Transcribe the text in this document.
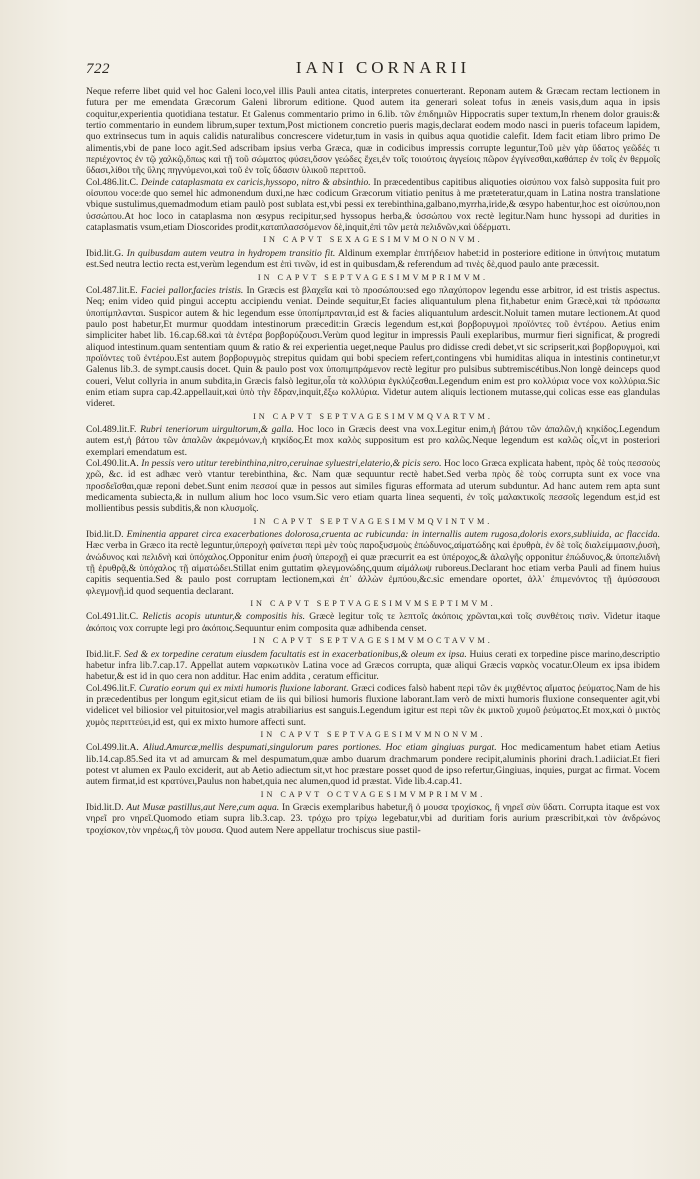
722	IANI CORNARII

Neque referre libet quid vel hoc Galeni loco,vel illis Pauli antea citatis, interpretes conuerterant. Reponam autem & Græcam rectam lectionem in futura per me emendata Græcorum Galeni librorum editione. Quod autem ita generari soleat tofus in æneis vasis,dum aqua in ipsis coquitur,experientia quotidiana testatur. Et Galenus commentario primo in 6.lib. τῶν ἐπιδημιῶν Hippocratis super textum,In rhenem dolor grauis:& tertio commentario in eundem librum,super textum,Post mictionem concretio pueris magis,declarat eodem modo nasci in pueris tofaceum lapidem, quo extrinsecus tum in aquis calidis naturalibus concrescere videtur,tum in vasis in quibus aqua quotidie calefit. Idem facit etiam libro primo De alimentis,vbi de pane loco agit.Sed adscribam ipsius verba Græca, quæ in codicibus impressis corrupte leguntur,Τοῦ μὲν γὰρ ὕδατος γεῶδές τι περιέχοντος ἐν τῷ χαλκῷ,ὅπως καὶ τῇ τοῦ σώματος φύσει,ὅσον γεώδες ἔχει,ἐν τοῖς τοιούτοις ἀγγείοις πῶρον ἐγγίνεσθαι,καθάπερ ἐν τοῖς ἐν θερμοῖς ὕδασι,λίθοι τῆς ὕλης πηγνύμενοι,καὶ τοῦ ἐν τοῖς ὕδασιν ὑλικοῦ περιττοῦ.

Col.486.lit.C. Deinde cataplasmata ex caricis,hyssopo, nitro & absinthio. In præcedentibus capitibus aliquoties οἰσύπου vox falsò supposita fuit pro οἰσυπου voce:de quo semel hic admonendum duxi,ne hæc codicum Græcorum vitiatio penitus à me præteteratur,quam in Latina nostra translatione vbique sustulimus,quemadmodum etiam paulò post sublata est,vbi pessi ex terebinthina,galbano,myrrha,iride,& œsypo habentur,hoc est οἰσύπου,non ὑσσώπου.At hoc loco in cataplasma non œsypus recipitur,sed hyssopus herba,& ὑσσώπου vox rectè legitur.Nam hunc hyssopi ad durities in cataplasmatis vsum,etiam Dioscorides prodit,καταπλασσόμενον δὲ,inquit,ἐπὶ τῶν μετὰ πελιδνῶν,καὶ ὑδέρματι.

IN CAPVT SEXAGESIMVMONONVM.

Ibid.lit.G. In quibusdam autem veutra in hydropem transitio fit. Aldinum exemplar ἐπιτήδειον habet:id in posteriore editione in ὑπνήτοις mutatum est.Sed neutra lectio recta est,verùm legendum est ἐπὶ τινῶν, id est in quibusdam,& referendum ad τινὲς δὲ,quod paulo ante præcessit.

IN CAPVT SEPTVAGESIMVMPRIMVM.

Col.487.lit.E. Faciei pallor,facies tristis. In Græcis est βλαχεῖα καὶ τὸ προσώπου:sed ego πλαχύπορον legendu esse arbitror, id est tristis aspectus. Neq; enim video quid pingui acceptu accipiendu veniat. Deinde sequitur,Et facies aliquantulum plena fit,habetur enim Græcè,καὶ τὰ πρόσωπα ὑποπίμπλανται. Suspicor autem & hic legendum esse ὑποπίμπρανται,id est & facies aliquantulum ardescit.Noluit tamen mutare lectionem.At quod paulo post habetur,Et murmur quoddam intestinorum præcedit:in Græcis legendum est,καὶ βορβορυγμοὶ προϊόντες τοῦ ἐντέρου. Aetius enim simpliciter habet lib. 16.cap.68.καὶ τὰ ἐντέρα βορβορύζουσι.Verùm quod legitur in impressis Pauli exeplaribus, murmur fieri significat, & progredi aliquod intestinum.quam sententiam quum & ratio & rei experientia ueget,neque Paulus pro didisse credi debet,vt sic scripserit,καὶ βορβορυγμοὶ, καὶ προϊόντες τοῦ ἐντέρου.Est autem βορβορυγμὸς strepitus quidam qui bobi speciem refert,contingens vbi humiditas aliqua in intestinis continetur,vt Galenus lib.3. de sympt.causis docet. Quin & paulo post vox ὑποπιμπράμενον rectè legitur pro pulsibus subtremiscétibus.Non longè deinceps quod coueri, Velut collyria in anum subdita,in Græcis falsò legitur,οἷα τὰ κολλύρια ἐγκλύζεσθαι.Legendum enim est pro κολλύρια voce vox κολλύρια.Sic enim etiam supra cap.42.appellauit,καὶ ὑπὸ τὴν ἕδραν,inquit,ἔξω κολλύρια. Videtur autem aliquis lectionem mutasse,qui colicas esse eas glandulas videret.

IN CAPVT SEPTVAGESIMVMQVARTVM.

Col.489.lit.F. Rubri teneriorum uirgultorum,& galla. Hoc loco in Græcis deest vna vox.Legitur enim,ἡ βάτου τῶν ἁπαλῶν,ἡ κηκίδος.Legendum autem est,ἡ βάτου τῶν ἁπαλῶν ἀκρεμόνων,ἡ κηκίδος.Et mox καλὸς suppositum est pro καλῶς.Neque legendum est καλῶς οἷς,vt in posteriori exemplari emendatum est.

Col.490.lit.A. In pessis vero utitur terebinthina,nitro,ceruinae syluestri,elaterio,& picis sero. Hoc loco Græca explicata habent, πρὸς δὲ τοὺς πεσσοὺς χρῶ, &c. id est adhæc verò vtantur terebinthina, &c. Nam quæ sequuntur rectè habet.Sed verba πρὸς δὲ τοὺς corrupta sunt ex voce vna προσδεῖσθαι,quæ reponi debet.Sunt enim πεσσοί quæ in pessos aut similes figuras efformata ad uterum subduntur. Ad hanc autem rem apta sunt medicamenta subiecta,& in nullum alium hoc loco vsum.Sic vero etiam quarta linea sequenti, ἐν τοῖς μαλακτικοῖς πεσσοῖς legendum est,id est mollientibus pessis subditis,& non κλυσμοῖς.

IN CAPVT SEPTVAGESIMVMQVINTVM.

Ibid.lit.D. Eminentia apparet circa exacerbationes dolorosa,cruenta ac rubicunda: in internallis autem rugosa,doloris exors,subliuida, ac flaccida. Hæc verba in Græco ita rectè leguntur,ὑπεροχὴ φαίνεται περὶ μὲν τοὺς παροξυσμοὺς ἐπώδυνος,αἱματώδης καὶ ἐρυθρὰ, ἐν δὲ τοῖς διαλείμμασιν,ῥυσὴ, ἀνώδυνος καὶ πελιδνὴ καὶ ὑπόχαλος.Opponitur enim ῥυσὴ ὑπεροχῇ ei quæ præcurrit ea est ὑπέροχος,& ἀλαλγῆς opponitur ἐπώδυνος,& ὑποπελιδνὴ τῇ ἐρυθρᾷ,& ὑπόχαλος τῇ αἱματώδει.Stillat enim guttatim φλεγμονώδης,quum αἱμάλωψ ruboreus.Declarant hoc etiam verba Pauli ad finem huius capitis sequentia.Sed & paulo post corruptam lectionem,καὶ ἐπ᾽ ἀλλὼν ἐμπύου,&c.sic emendare oportet, ἀλλ᾽ ἐπιμενόντος τῇ ἀμύσσουσι φλεγμονῇ.id quod sequentia declarant.

IN CAPVT SEPTVAGESIMVMSEPTIMVM.

Col.491.lit.C. Relictis acopis utuntur,& compositis his. Græcè legitur τοῖς τε λεπτοῖς ἀκόποις χρῶνται,καὶ τοῖς συνθέτοις τισὶν. Videtur itaque ἀκόποις vox corrupte legi pro ἀκόποις.Sequuntur enim composita quæ adhibenda censet.

IN CAPVT SEPTVAGESIMVMOCTAVVM.

Ibid.lit.F. Sed & ex torpedine ceratum eiusdem facultatis est in exacerbationibus,& oleum ex ipsa. Huius cerati ex torpedine pisce marino,descriptio habetur infra lib.7.cap.17. Appellat autem ναρκωτικὸν Latina voce ad Græcos corrupta, quæ aliqui Græcis ναρκὸς vocatur.Oleum ex ipsa ibidem habetur,& est id in quo cera non additur. Hac enim addita , ceratum efficitur.

Col.496.lit.F. Curatio eorum qui ex mixti humoris fluxione laborant. Græci codices falsò habent περὶ τῶν ἐκ μιχθέντος αἵματος ῥεύματος.Nam de his in præcedentibus per longum egit,sicut etiam de iis qui biliosi humoris fluxione laborant.Iam verò de mixti humoris fluxione consequenter agit,vbi videlicet vel biliosior vel pituitosior,vel magis atrabiliarius est sanguis.Legendum igitur est περὶ τῶν ἐκ μικτοῦ χυμοῦ ῥεύματος.Et mox,καὶ ὁ μικτὸς χυμὸς περιττεύει,id est, qui ex mixto humore affecti sunt.

IN CAPVT SEPTVAGESIMVMNONVM.

Col.499.lit.A. Aliud.Amurcæ,mellis despumati,singulorum pares portiones. Hoc etiam gingiuas purgat. Hoc medicamentum habet etiam Aetius lib.14.cap.85.Sed ita vt ad amurcam & mel despumatum,quæ ambo duarum drachmarum pondere recipit,aluminis phorini drach.1.adiiciat.Et fieri potest vt alumen ex Paulo exciderit, aut ab Aetio adiectum sit,vt hoc præstare posset quod de ipso refertur,Gingiuas, inquies, purgat ac firmat. Vocem autem firmat,id est κρατύνει,Paulus non habet,quia nec alumen,quod id præstat. Vide lib.4.cap.41.

IN CAPVT OCTVAGESIMVMPRIMVM.

Ibid.lit.D. Aut Musæ pastillus,aut Nere,cum aqua. In Græcis exemplaribus habetur,ἢ ὁ μουσα τροχίσκος, ἢ νηρεῖ σὺν ὕδατι. Corrupta itaque est vox νηρεῖ pro νηρεῖ.Quomodo etiam supra lib.3.cap. 23. τρόχω pro τρίχω legebatur,vbi ad duritiam foris aurium præscribit,καὶ τὸν ἀνδρώνος τροχίσκον,τὸν νηρέως,ἢ τὸν μουσα. Quod autem Nere appellatur trochiscus siue pastil-
